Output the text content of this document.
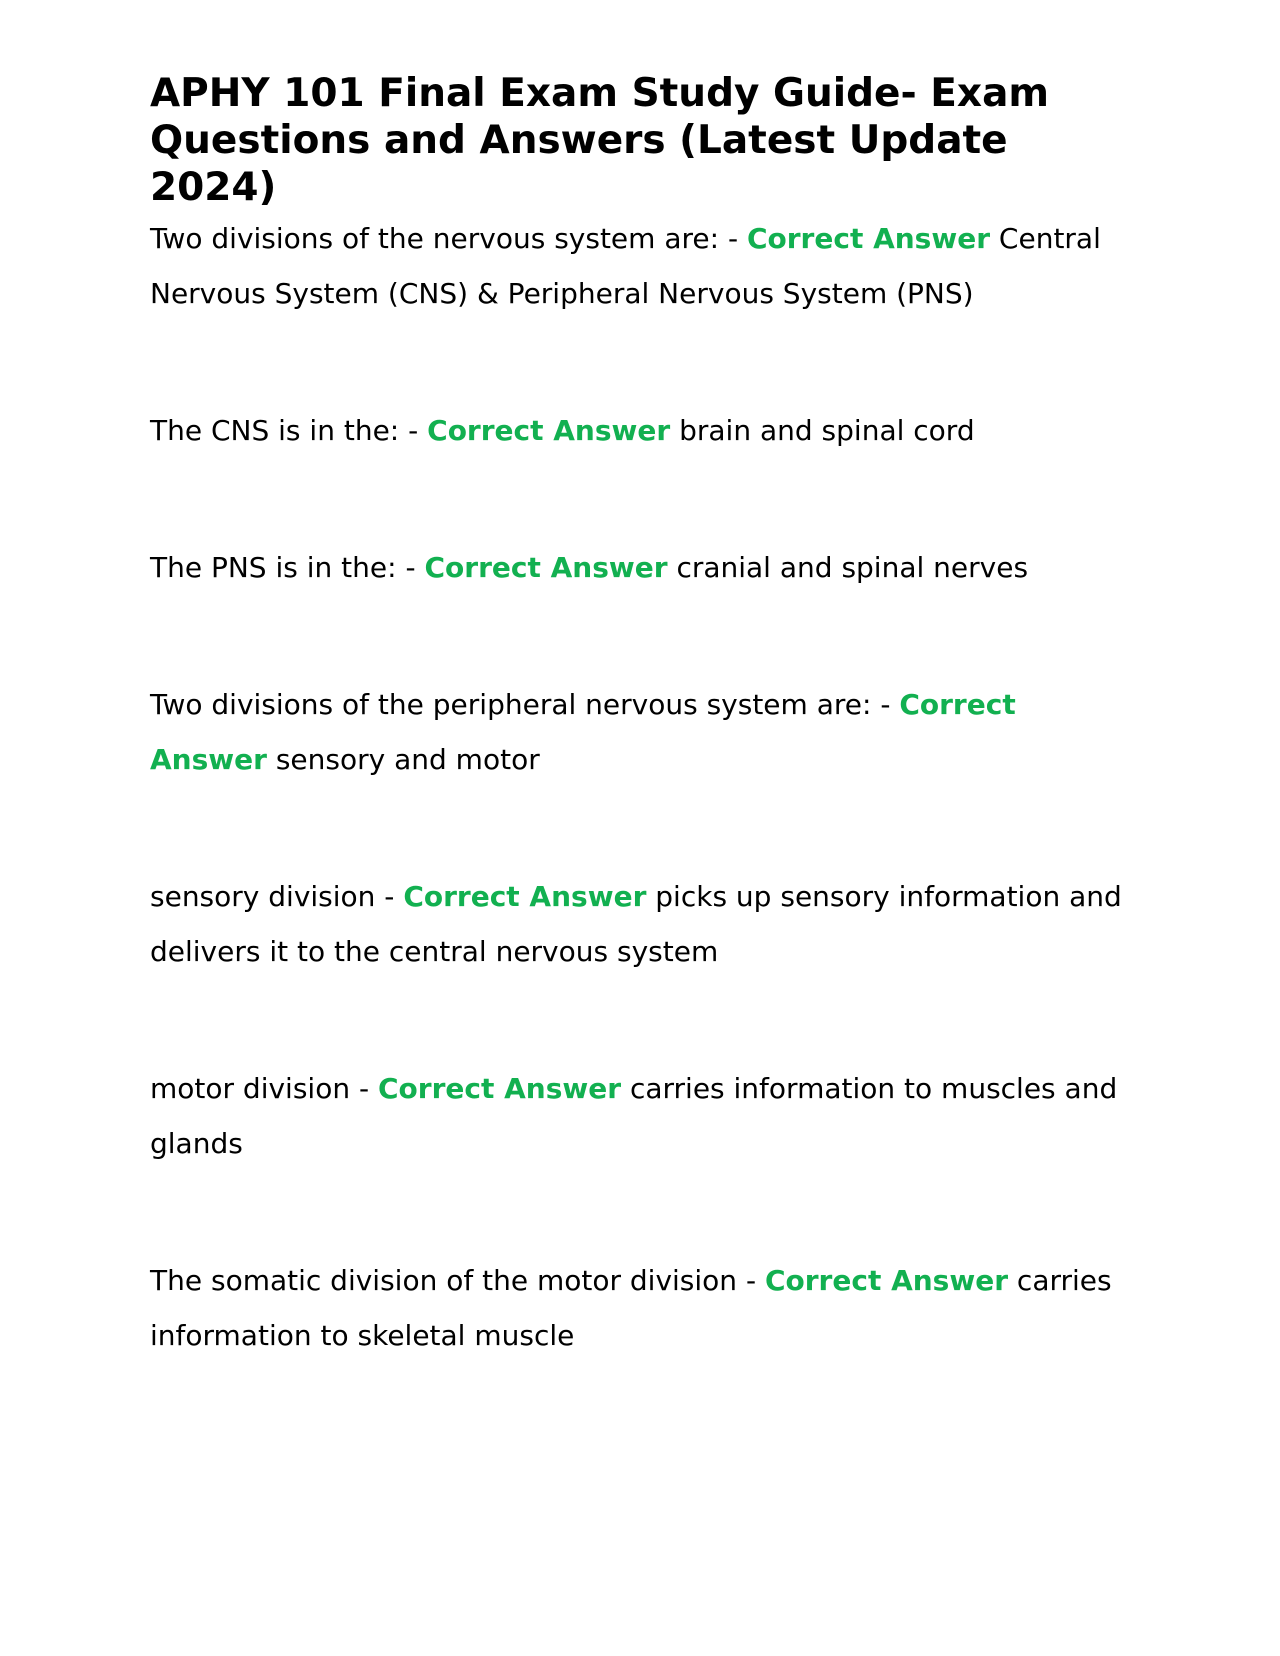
APHY 101 Final Exam Study Guide- Exam Questions and Answers (Latest Update 2024)

Two divisions of the nervous system are: - Correct Answer Central Nervous System (CNS) & Peripheral Nervous System (PNS)

The CNS is in the: - Correct Answer brain and spinal cord

The PNS is in the: - Correct Answer cranial and spinal nerves

Two divisions of the peripheral nervous system are: - Correct Answer sensory and motor

sensory division - Correct Answer picks up sensory information and delivers it to the central nervous system

motor division - Correct Answer carries information to muscles and glands

The somatic division of the motor division - Correct Answer carries information to skeletal muscle
